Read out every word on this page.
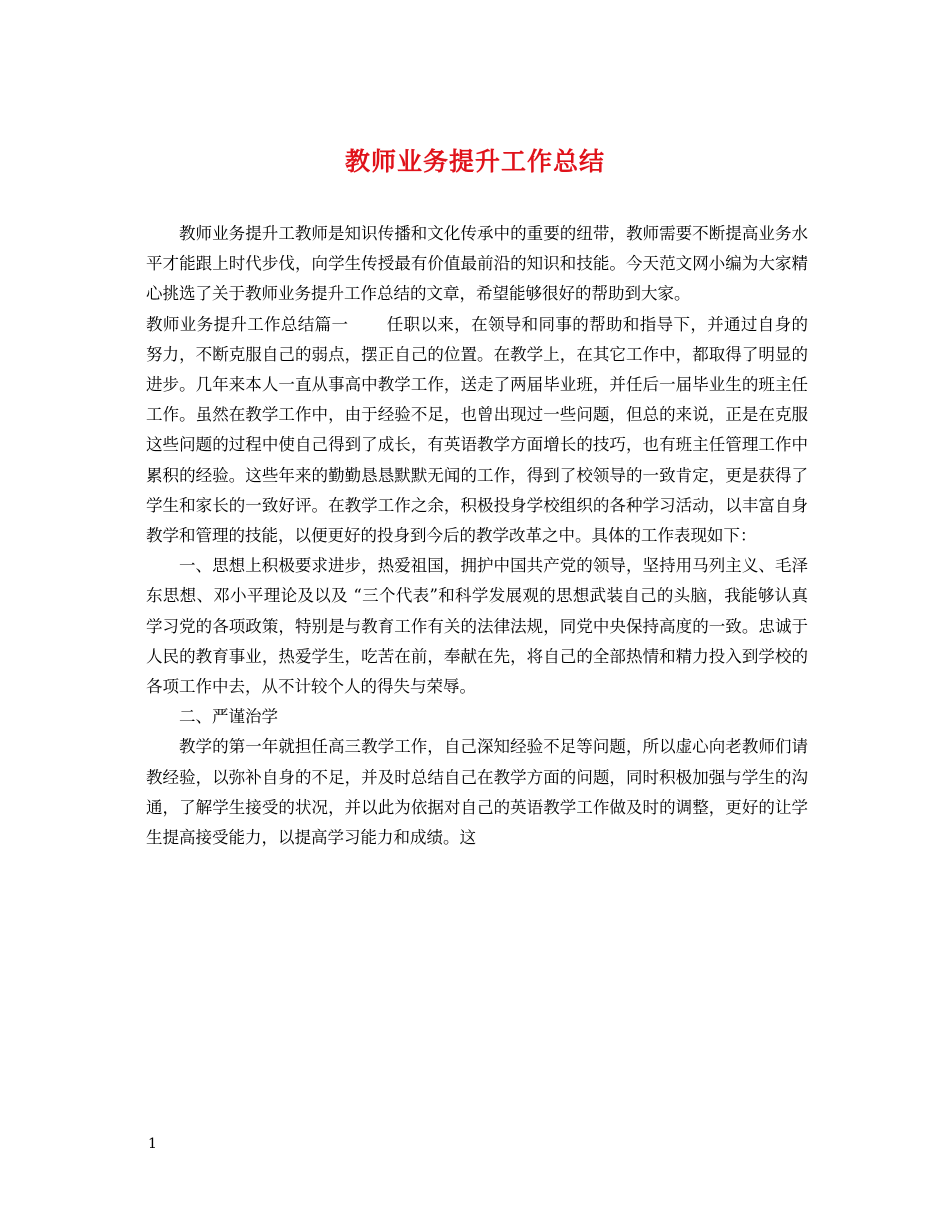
教师业务提升工作总结

教师业务提升工教师是知识传播和文化传承中的重要的纽带，教师需要不断提高业务水平才能跟上时代步伐，向学生传授最有价值最前沿的知识和技能。今天范文网小编为大家精心挑选了关于教师业务提升工作总结的文章，希望能够很好的帮助到大家。

教师业务提升工作总结篇一 任职以来，在领导和同事的帮助和指导下，并通过自身的努力，不断克服自己的弱点，摆正自己的位置。在教学上，在其它工作中，都取得了明显的进步。几年来本人一直从事高中教学工作，送走了两届毕业班，并任后一届毕业生的班主任工作。虽然在教学工作中，由于经验不足，也曾出现过一些问题，但总的来说，正是在克服这些问题的过程中使自己得到了成长，有英语教学方面增长的技巧，也有班主任管理工作中累积的经验。这些年来的勤勤恳恳默默无闻的工作，得到了校领导的一致肯定，更是获得了学生和家长的一致好评。在教学工作之余，积极投身学校组织的各种学习活动，以丰富自身教学和管理的技能，以便更好的投身到今后的教学改革之中。具体的工作表现如下：

一、思想上积极要求进步，热爱祖国，拥护中国共产党的领导，坚持用马列主义、毛泽东思想、邓小平理论及以及 “三个代表”和科学发展观的思想武装自己的头脑，我能够认真学习党的各项政策，特别是与教育工作有关的法律法规，同党中央保持高度的一致。忠诚于人民的教育事业，热爱学生，吃苦在前，奉献在先，将自己的全部热情和精力投入到学校的各项工作中去，从不计较个人的得失与荣辱。

二、严谨治学

教学的第一年就担任高三教学工作，自己深知经验不足等问题，所以虚心向老教师们请教经验，以弥补自身的不足，并及时总结自己在教学方面的问题，同时积极加强与学生的沟通，了解学生接受的状况，并以此为依据对自己的英语教学工作做及时的调整，更好的让学生提高接受能力，以提高学习能力和成绩。这

1
